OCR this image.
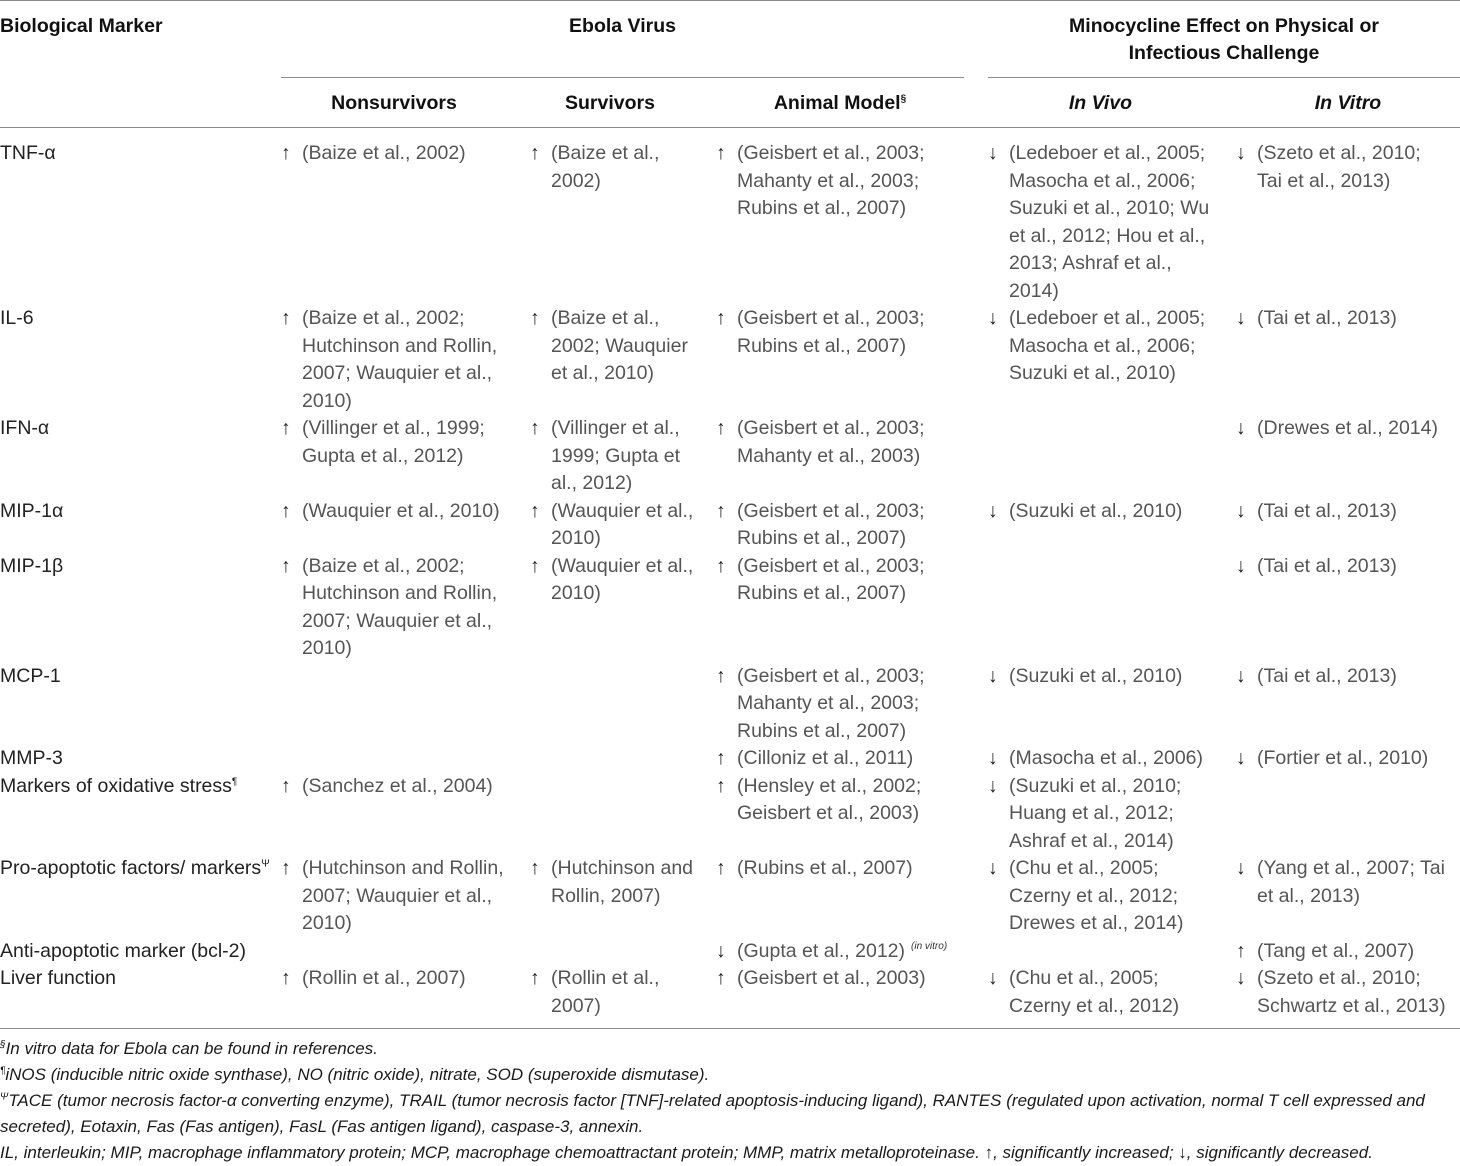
Biological Marker	Ebola Virus	Minocycline Effect on Physical or Infectious Challenge
Nonsurvivors	Survivors	Animal Model§	In Vivo	In Vitro
TNF-α	↑ (Baize et al., 2002)	↑ (Baize et al., 2002)	↑ (Geisbert et al., 2003; Mahanty et al., 2003; Rubins et al., 2007)	↓ (Ledeboer et al., 2005; Masocha et al., 2006; Suzuki et al., 2010; Wu et al., 2012; Hou et al., 2013; Ashraf et al., 2014)	↓ (Szeto et al., 2010; Tai et al., 2013)

IL-6	↑ (Baize et al., 2002; Hutchinson and Rollin, 2007; Wauquier et al., 2010)	↑ (Baize et al., 2002; Wauquier et al., 2010)	↑ (Geisbert et al., 2003; Rubins et al., 2007)	↓ (Ledeboer et al., 2005; Masocha et al., 2006; Suzuki et al., 2010)	↓ (Tai et al., 2013)

IFN-α	↑ (Villinger et al., 1999; Gupta et al., 2012)	↑ (Villinger et al., 1999; Gupta et al., 2012)	↑ (Geisbert et al., 2003; Mahanty et al., 2003)		↓ (Drewes et al., 2014)

MIP-1α	↑ (Wauquier et al., 2010)	↑ (Wauquier et al., 2010)	↑ (Geisbert et al., 2003; Rubins et al., 2007)	↓ (Suzuki et al., 2010)	↓ (Tai et al., 2013)

MIP-1β	↑ (Baize et al., 2002; Hutchinson and Rollin, 2007; Wauquier et al., 2010)	↑ (Wauquier et al., 2010)	↑ (Geisbert et al., 2003; Rubins et al., 2007)		↓ (Tai et al., 2013)

MCP-1			↑ (Geisbert et al., 2003; Mahanty et al., 2003; Rubins et al., 2007)	↓ (Suzuki et al., 2010)	↓ (Tai et al., 2013)

MMP-3			↑ (Cilloniz et al., 2011)	↓ (Masocha et al., 2006)	↓ (Fortier et al., 2010)

Markers of oxidative stress¶	↑ (Sanchez et al., 2004)		↑ (Hensley et al., 2002; Geisbert et al., 2003)	↓ (Suzuki et al., 2010; Huang et al., 2012; Ashraf et al., 2014)	

Pro-apoptotic factors/ markers$^\Psi$	↑ (Hutchinson and Rollin, 2007; Wauquier et al., 2010)	↑ (Hutchinson and Rollin, 2007)	↑ (Rubins et al., 2007)	↓ (Chu et al., 2005; Czerny et al., 2012; Drewes et al., 2014)	↓ (Yang et al., 2007; Tai et al., 2013)

Anti-apoptotic marker (bcl-2)			↓ (Gupta et al., 2012) $^{(in vitro)}$		↑ (Tang et al., 2007)

Liver function	↑ (Rollin et al., 2007)	↑ (Rollin et al., 2007)	↑ (Geisbert et al., 2003)	↓ (Chu et al., 2005; Czerny et al., 2012)	↓ (Szeto et al., 2010; Schwartz et al., 2013)
§In vitro data for Ebola can be found in references.
¶iNOS (inducible nitric oxide synthase), NO (nitric oxide), nitrate, SOD (superoxide dismutase).
$^\Psi$TACE (tumor necrosis factor-α converting enzyme), TRAIL (tumor necrosis factor [TNF]-related apoptosis-inducing ligand), RANTES (regulated upon activation, normal T cell expressed and secreted), Eotaxin, Fas (Fas antigen), FasL (Fas antigen ligand), caspase-3, annexin.
IL, interleukin; MIP, macrophage inflammatory protein; MCP, macrophage chemoattractant protein; MMP, matrix metalloproteinase. ↑, significantly increased; ↓, significantly decreased.
